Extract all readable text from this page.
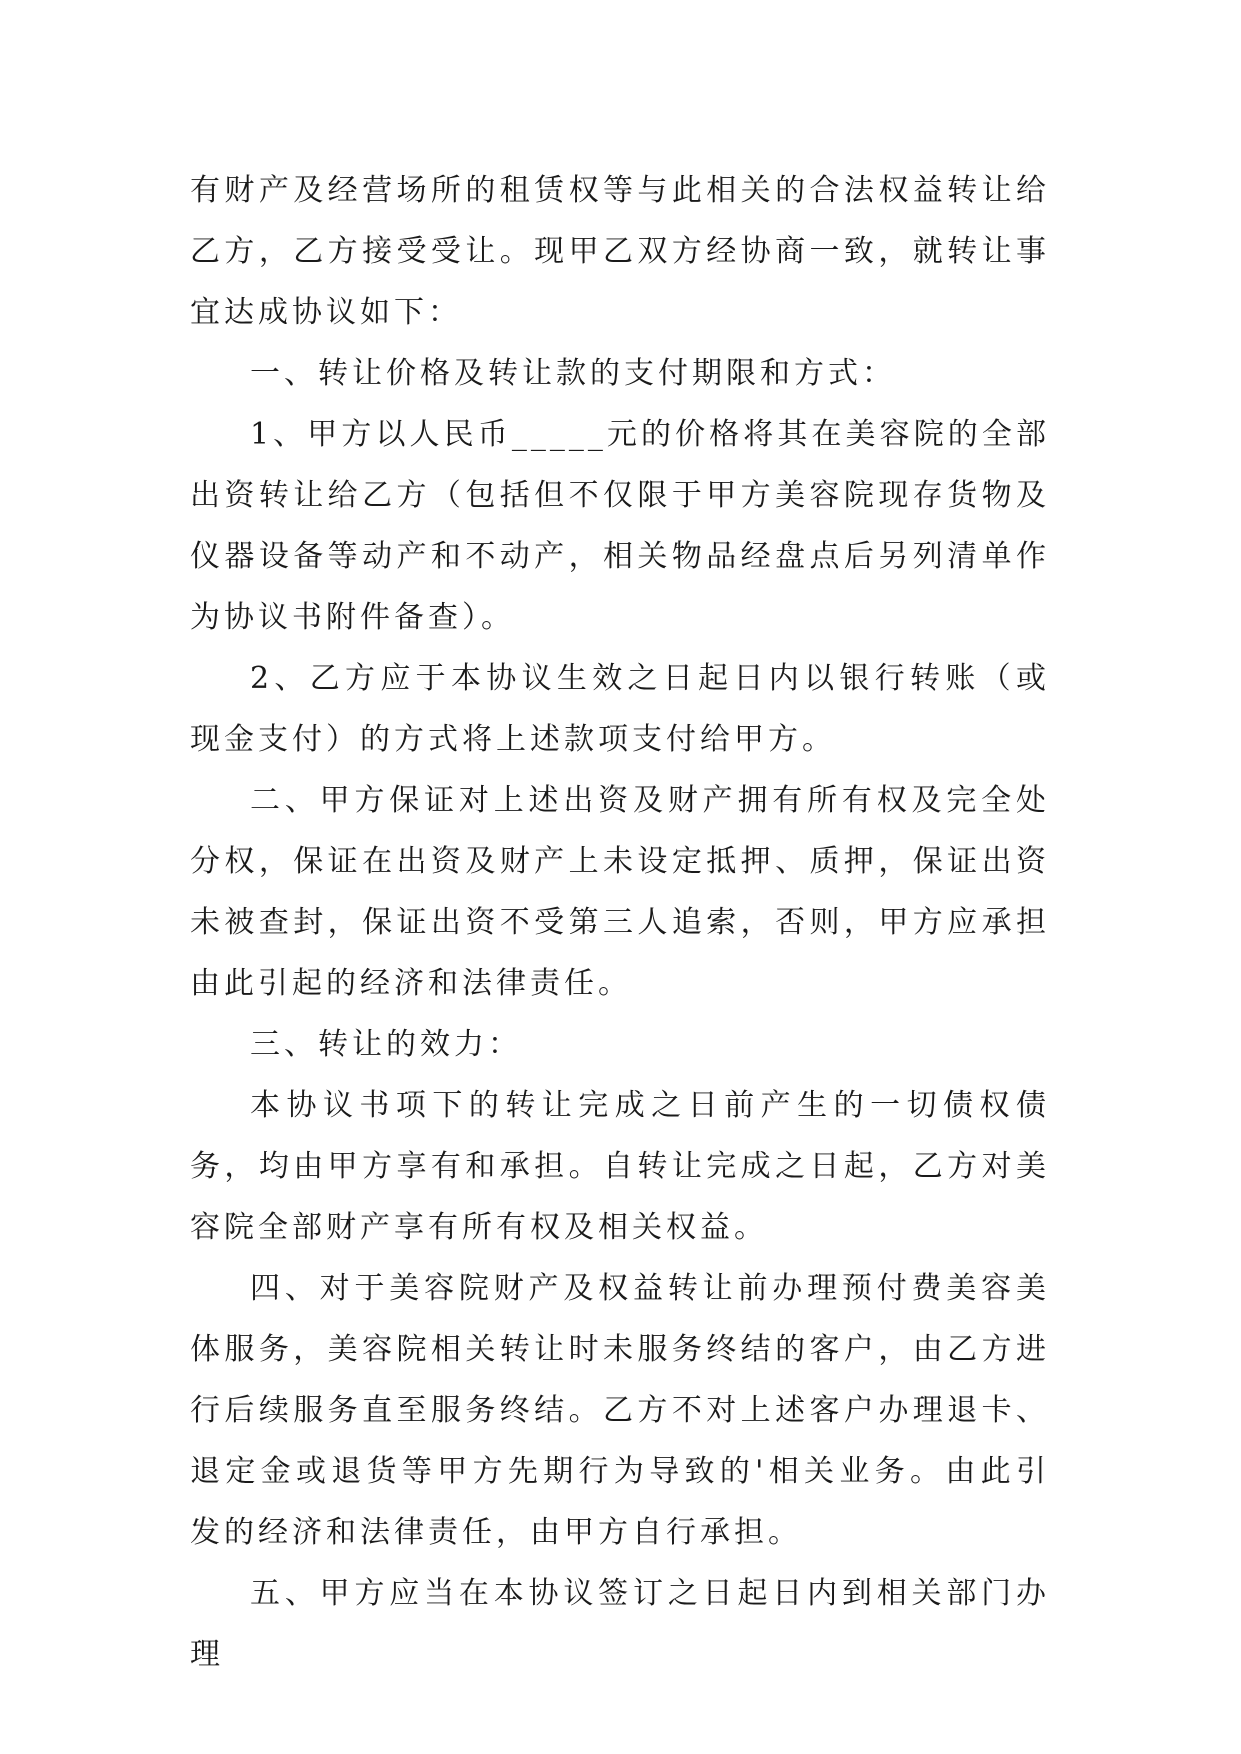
有财产及经营场所的租赁权等与此相关的合法权益转让给乙方，乙方接受受让。现甲乙双方经协商一致，就转让事宜达成协议如下：

一、转让价格及转让款的支付期限和方式：

1、甲方以人民币_____元的价格将其在美容院的全部出资转让给乙方（包括但不仅限于甲方美容院现存货物及仪器设备等动产和不动产，相关物品经盘点后另列清单作为协议书附件备查）。

2、乙方应于本协议生效之日起日内以银行转账（或现金支付）的方式将上述款项支付给甲方。

二、甲方保证对上述出资及财产拥有所有权及完全处分权，保证在出资及财产上未设定抵押、质押，保证出资未被查封，保证出资不受第三人追索，否则，甲方应承担由此引起的经济和法律责任。

三、转让的效力：

本协议书项下的转让完成之日前产生的一切债权债务，均由甲方享有和承担。自转让完成之日起，乙方对美容院全部财产享有所有权及相关权益。

四、对于美容院财产及权益转让前办理预付费美容美体服务，美容院相关转让时未服务终结的客户，由乙方进行后续服务直至服务终结。乙方不对上述客户办理退卡、退定金或退货等甲方先期行为导致的'相关业务。由此引发的经济和法律责任，由甲方自行承担。

五、甲方应当在本协议签订之日起日内到相关部门办理
